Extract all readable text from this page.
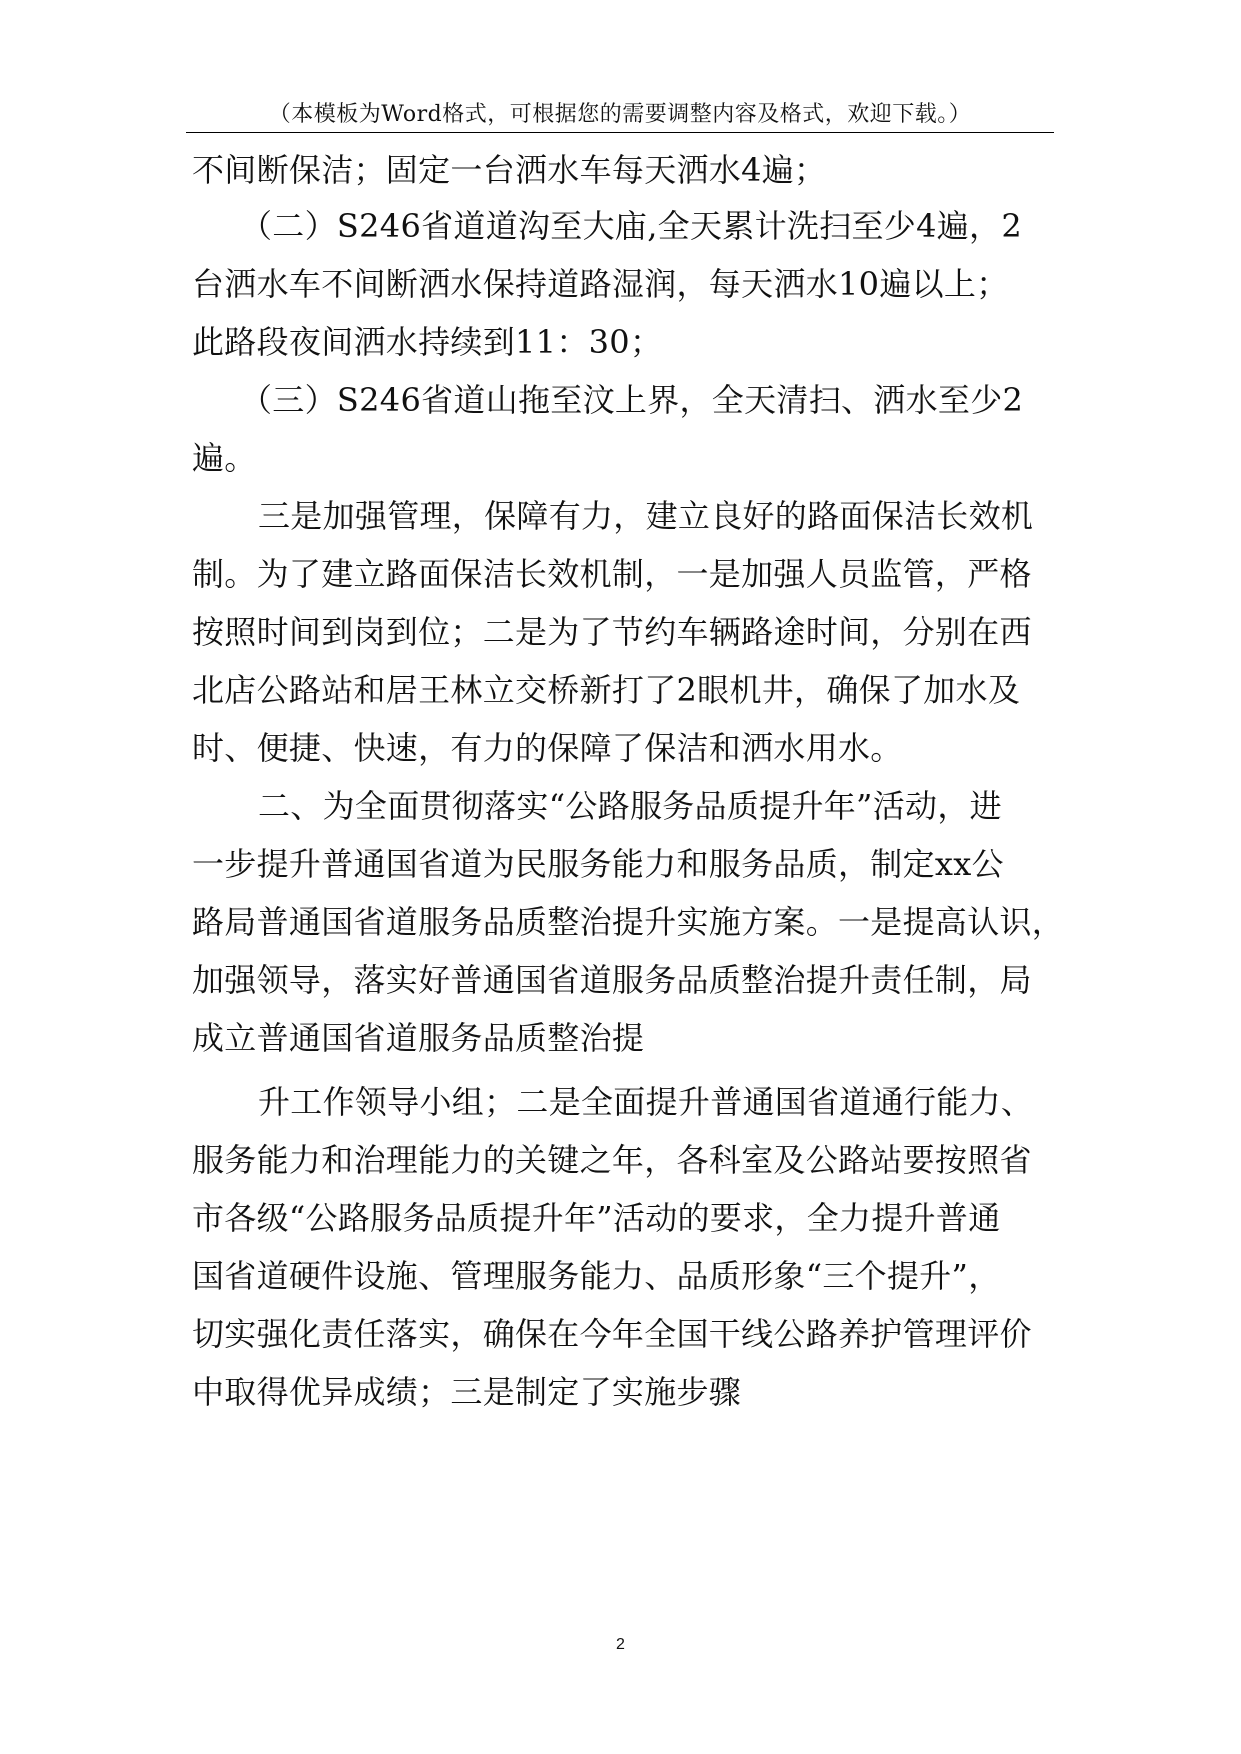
（本模板为Word格式，可根据您的需要调整内容及格式，欢迎下载。）
不间断保洁；固定一台洒水车每天洒水4遍；
（二）S246省道道沟至大庙,全天累计洗扫至少4遍，2
台洒水车不间断洒水保持道路湿润，每天洒水10遍以上；
此路段夜间洒水持续到11：30；
（三）S246省道山拖至汶上界，全天清扫、洒水至少2
遍。
三是加强管理，保障有力，建立良好的路面保洁长效机
制。为了建立路面保洁长效机制，一是加强人员监管，严格
按照时间到岗到位；二是为了节约车辆路途时间，分别在西
北店公路站和居王林立交桥新打了2眼机井，确保了加水及
时、便捷、快速，有力的保障了保洁和洒水用水。
二、为全面贯彻落实“公路服务品质提升年”活动，进
一步提升普通国省道为民服务能力和服务品质，制定xx公
路局普通国省道服务品质整治提升实施方案。一是提高认识，
加强领导，落实好普通国省道服务品质整治提升责任制，局
成立普通国省道服务品质整治提
升工作领导小组；二是全面提升普通国省道通行能力、
服务能力和治理能力的关键之年，各科室及公路站要按照省
市各级“公路服务品质提升年”活动的要求，全力提升普通
国省道硬件设施、管理服务能力、品质形象“三个提升”，
切实强化责任落实，确保在今年全国干线公路养护管理评价
中取得优异成绩；三是制定了实施步骤
2
